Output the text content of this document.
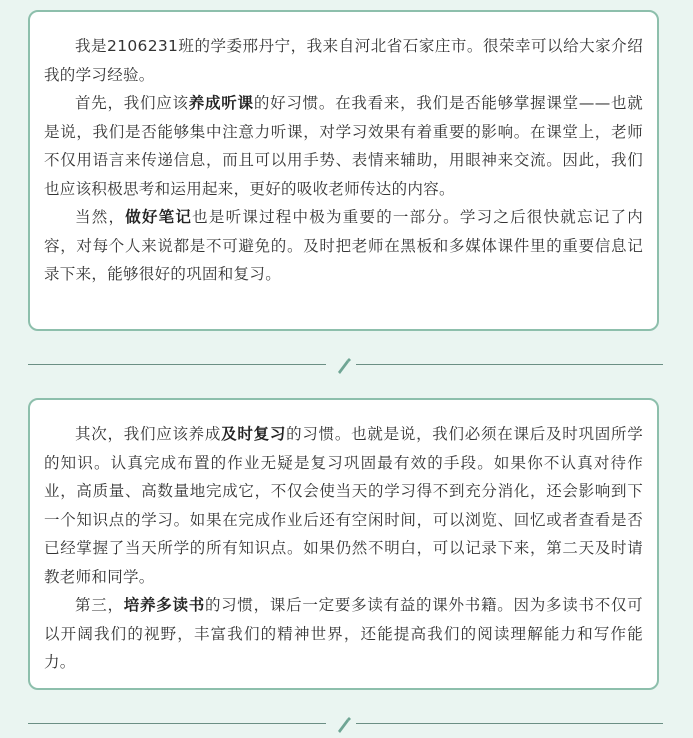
我是2106231班的学委邢丹宁，我来自河北省石家庄市。很荣幸可以给大家介绍我的学习经验。

首先，我们应该养成听课的好习惯。在我看来，我们是否能够掌握课堂——也就是说，我们是否能够集中注意力听课，对学习效果有着重要的影响。在课堂上，老师不仅用语言来传递信息，而且可以用手势、表情来辅助，用眼神来交流。因此，我们也应该积极思考和运用起来，更好的吸收老师传达的内容。

当然，做好笔记也是听课过程中极为重要的一部分。学习之后很快就忘记了内容，对每个人来说都是不可避免的。及时把老师在黑板和多媒体课件里的重要信息记录下来，能够很好的巩固和复习。

其次，我们应该养成及时复习的习惯。也就是说，我们必须在课后及时巩固所学的知识。认真完成布置的作业无疑是复习巩固最有效的手段。如果你不认真对待作业，高质量、高数量地完成它，不仅会使当天的学习得不到充分消化，还会影响到下一个知识点的学习。如果在完成作业后还有空闲时间，可以浏览、回忆或者查看是否已经掌握了当天所学的所有知识点。如果仍然不明白，可以记录下来，第二天及时请教老师和同学。

第三，培养多读书的习惯，课后一定要多读有益的课外书籍。因为多读书不仅可以开阔我们的视野，丰富我们的精神世界，还能提高我们的阅读理解能力和写作能力。
